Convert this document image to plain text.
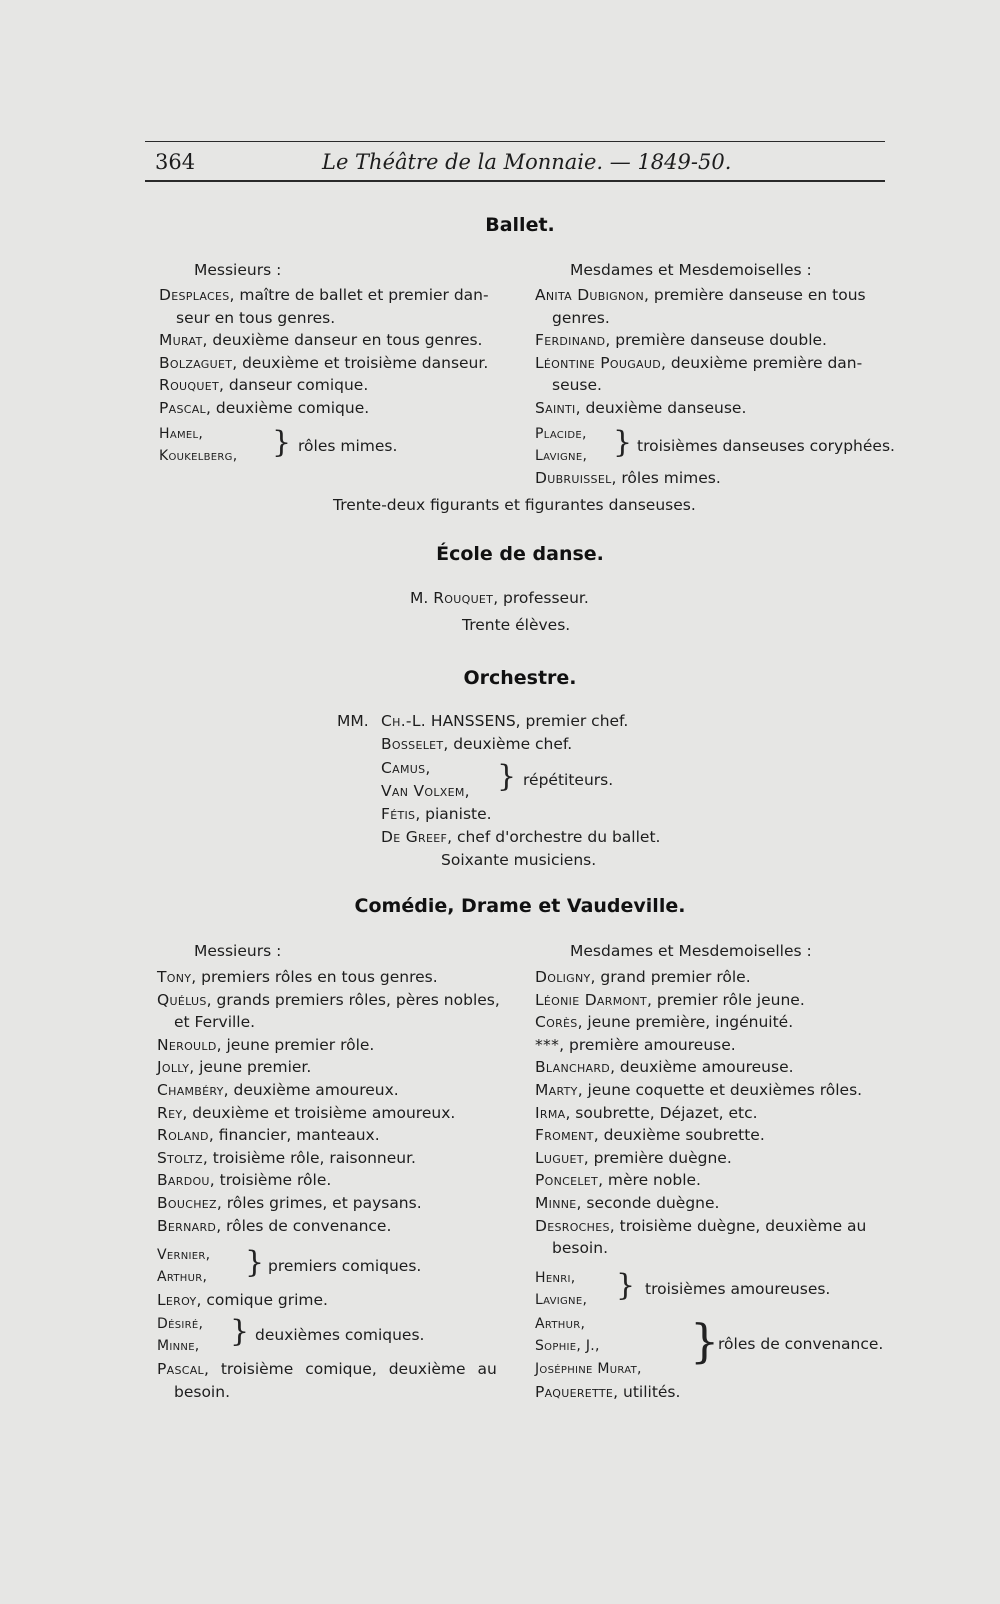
364	Le Théâtre de la Monnaie. — 1849-50.
Ballet.
Messieurs :	Mesdames et Mesdemoiselles :
Desplaces, maître de ballet et premier dan-
seur en tous genres.
Murat, deuxième danseur en tous genres.
Bolzaguet, deuxième et troisième danseur.
Rouquet, danseur comique.
Pascal, deuxième comique.
Anita Dubignon, première danseuse en tous
genres.
Ferdinand, première danseuse double.
Léontine Pougaud, deuxième première dan-
seuse.
Sainti, deuxième danseuse.
Hamel,
Koukelberg, } rôles mimes.
Placide,
Lavigne, } troisièmes danseuses coryphées.
Dubruissel, rôles mimes.
Trente-deux figurants et figurantes danseuses.
École de danse.
M. Rouquet, professeur.
Trente élèves.
Orchestre.
MM. Ch.-L. HANSSENS, premier chef.
Bosselet, deuxième chef.
Camus,
Van Volxem, } répétiteurs.
Fétis, pianiste.
De Greef, chef d'orchestre du ballet.
Soixante musiciens.
Comédie, Drame et Vaudeville.
Messieurs :	Mesdames et Mesdemoiselles :
Tony, premiers rôles en tous genres.
Quélus, grands premiers rôles, pères nobles,
et Ferville.
Nerould, jeune premier rôle.
Jolly, jeune premier.
Chambéry, deuxième amoureux.
Rey, deuxième et troisième amoureux.
Roland, financier, manteaux.
Stoltz, troisième rôle, raisonneur.
Bardou, troisième rôle.
Bouchez, rôles grimes, et paysans.
Bernard, rôles de convenance.
Doligny, grand premier rôle.
Léonie Darmont, premier rôle jeune.
Corès, jeune première, ingénuité.
***, première amoureuse.
Blanchard, deuxième amoureuse.
Marty, jeune coquette et deuxièmes rôles.
Irma, soubrette, Déjazet, etc.
Froment, deuxième soubrette.
Luguet, première duègne.
Poncelet, mère noble.
Minne, seconde duègne.
Desroches, troisième duègne, deuxième au
besoin.
Vernier,
Arthur, } premiers comiques.
Leroy, comique grime.
Désiré,
Minne, } deuxièmes comiques.
Pascal, troisième comique, deuxième au
besoin.
Henri,
Lavigne, } troisièmes amoureuses.
Arthur,
Sophie, J.,
Joséphine Murat,
}
rôles de convenance.
Paquerette, utilités.
